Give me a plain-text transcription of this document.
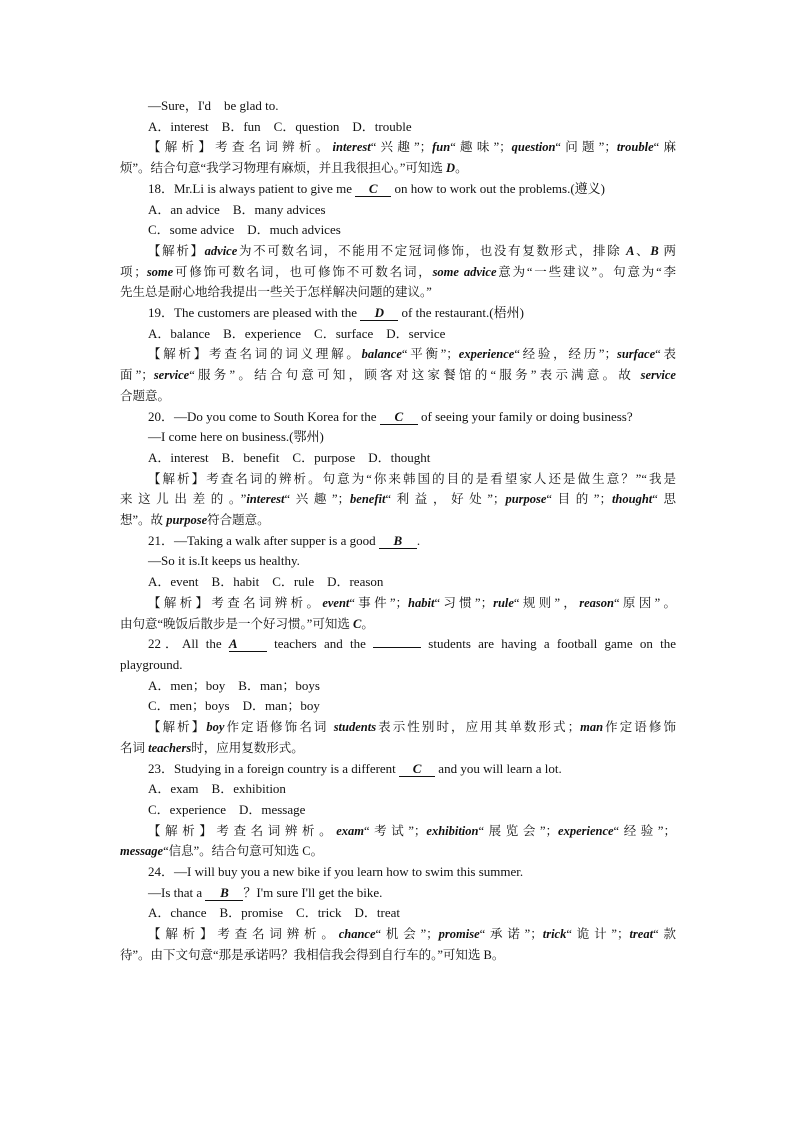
—Sure，I'd　be glad to.
A．interest　B．fun　C．question　D．trouble
【解析】考查名词辨析。interest“兴趣”；fun“趣味”；question“问题”；trouble“麻
烦”。结合句意“我学习物理有麻烦，并且我很担心。”可知选 D。
18．Mr.Li is always patient to give me C on how to work out the problems.(遵义)
A．an advice　B．many advices
C．some advice　D．much advices
【解析】advice为不可数名词，不能用不定冠词修饰，也没有复数形式，排除 A、B 两
项；some可修饰可数名词，也可修饰不可数名词，some advice意为“一些建议”。句意为“李
先生总是耐心地给我提出一些关于怎样解决问题的建议。”
19．The customers are pleased with the D of the restaurant.(梧州)
A．balance　B．experience　C．surface　D．service
【解析】考查名词的词义理解。balance“平衡”；experience“经验，经历”；surface“表
面”；service“服务”。结合句意可知，顾客对这家餐馆的“服务”表示满意。故 service
合题意。
20．—Do you come to South Korea for the C of seeing your family or doing business?
—I come here on business.(鄂州)
A．interest　B．benefit　C．purpose　D．thought
【解析】考查名词的辨析。句意为“你来韩国的目的是看望家人还是做生意？”“我是
来这儿出差的。”interest“兴趣”；benefit“利益，好处”；purpose“目的”；thought“思
想”。故 purpose符合题意。
21．—Taking a walk after supper is a good B .
—So it is.It keeps us healthy.
A．event　B．habit　C．rule　D．reason
【解析】考查名词辨析。event“事件”；habit“习惯”；rule“规则”，reason“原因”。
由句意“晚饭后散步是一个好习惯。”可知选 C。
22．All the A teachers and the	students are having a football game on the
playground.
A．men；boy　B．man；boys
C．men；boys　D．man；boy
【解析】boy作定语修饰名词 students表示性别时，应用其单数形式；man作定语修饰
名词 teachers时，应用复数形式。
23．Studying in a foreign country is a different C and you will learn a lot.
A．exam　B．exhibition
C．experience　D．message
【解析】考查名词辨析。exam“考试”；exhibition“展览会”；experience“经验”；
message“信息”。结合句意可知选 C。
24．—I will buy you a new bike if you learn how to swim this summer.
—Is that a B ？I'm sure I'll get the bike.
A．chance　B．promise　C．trick　D．treat
【解析】考查名词辨析。chance“机会”；promise“承诺”；trick“诡计”；treat“款
待”。由下文句意“那是承诺吗？我相信我会得到自行车的。”可知选 B。
